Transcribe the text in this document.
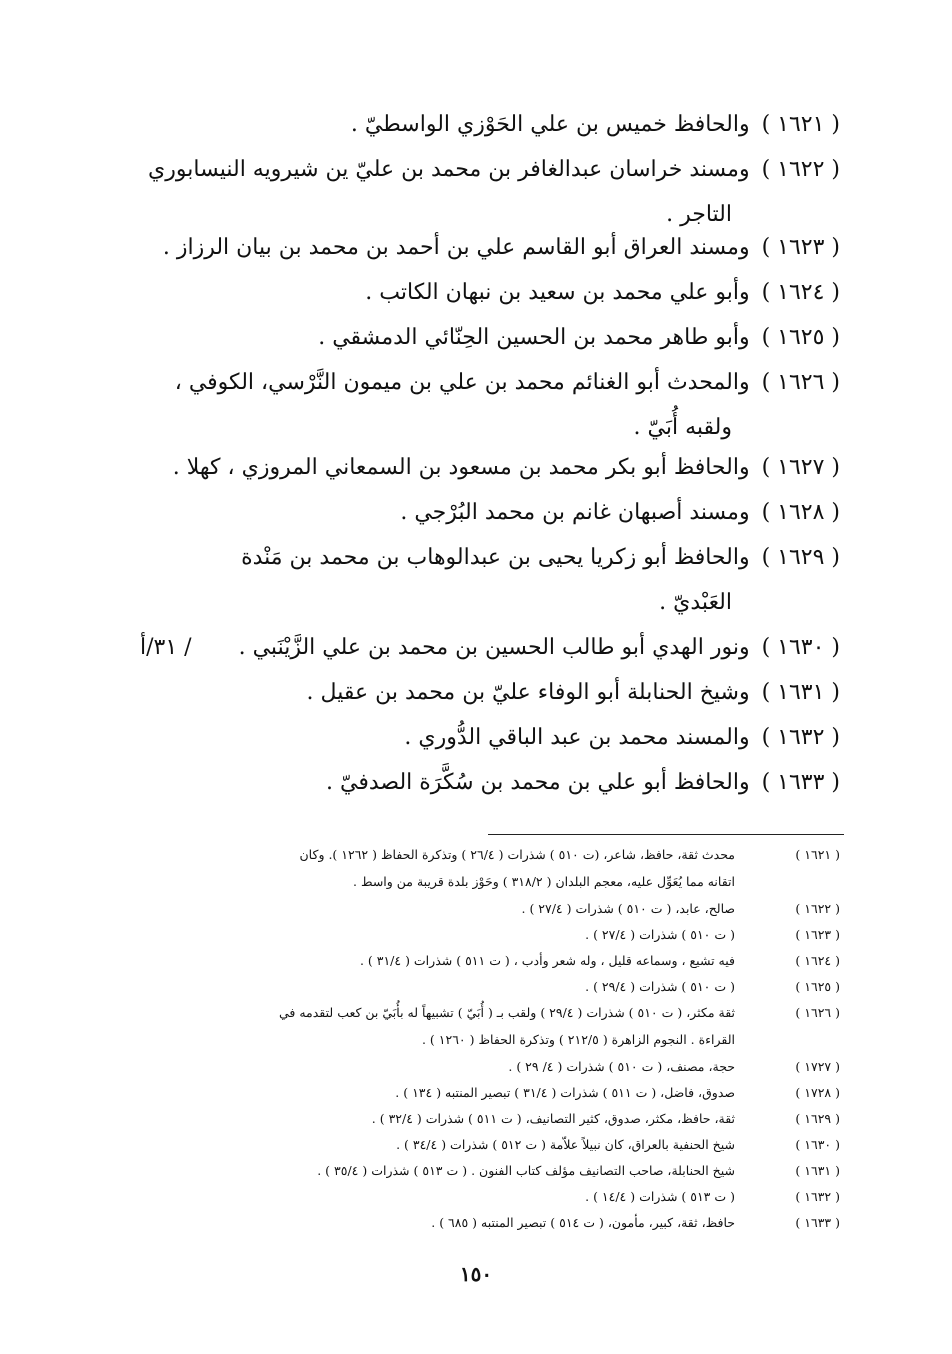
( ١٦٢١ )والحافظ خميس بن علي الحَوْزي الواسطيّ .
( ١٦٢٢ )ومسند خراسان عبدالغافر بن محمد بن عليّ ين شيرويه النيسابوري
التاجر .
( ١٦٢٣ )ومسند العراق أبو القاسم علي بن أحمد بن محمد بن بيان الرزاز .
( ١٦٢٤ )وأبو علي محمد بن سعيد بن نبهان الكاتب .
( ١٦٢٥ )وأبو طاهر محمد بن الحسين الحِنّائي الدمشقي .
( ١٦٢٦ )والمحدث أبو الغنائم محمد بن علي بن ميمون النَّرْسي، الكوفي ،
ولقبه أُبَيّ .
( ١٦٢٧ )والحافظ أبو بكر محمد بن مسعود بن السمعاني المروزي ، كهلا .
( ١٦٢٨ )ومسند أصبهان غانم بن محمد البُرْجي .
( ١٦٢٩ )والحافظ أبو زكريا يحيى بن عبدالوهاب بن محمد بن مَنْدة
العَبْديّ .
( ١٦٣٠ )ونور الهدي أبو طالب الحسين بن محمد بن علي الزَّيْنَبي .
/ ٣١/أ
( ١٦٣١ )وشيخ الحنابلة أبو الوفاء عليّ بن محمد بن عقيل .
( ١٦٣٢ )والمسند محمد بن عبد الباقي الدُّوري .
( ١٦٣٣ )والحافظ أبو علي بن محمد بن سُكَّرَة الصدفيّ .
( ١٦٢١ )
محدث ثقة، حافظ، شاعر، (ت ٥١٠ ) شذرات ( ٢٦/٤ ) وتذكرة الحفاظ ( ١٢٦٢ ). وكان
اتقانه مما يُعَوِّل عليه، معجم البلدان ( ٣١٨/٢ ) وحَوْز بلدة قريبة من واسط .
( ١٦٢٢ )
صالح، عابد، ( ت ٥١٠ ) شذرات ( ٢٧/٤ ) .
( ١٦٢٣ )
( ت ٥١٠ ) شذرات ( ٢٧/٤ ) .
( ١٦٢٤ )
فيه تشيع ، وسماعه قليل ، وله شعر وأدب ، ( ت ٥١١ ) شذرات ( ٣١/٤ ) .
( ١٦٢٥ )
( ت ٥١٠ ) شذرات ( ٢٩/٤ ) .
( ١٦٢٦ )
ثقة مكثر، ( ت ٥١٠ ) شذرات ( ٢٩/٤ ) ولقب بـ ( أُبَيّ ) تشبيهاً له بأُبَيّ بن كعب لتقدمه في
القراءة . النجوم الزاهرة ( ٢١٢/٥ ) وتذكرة الحفاظ ( ١٢٦٠ ) .
( ١٧٢٧ )
حجة، مصنف، ( ت ٥١٠ ) شذرات ( ٤/ ٢٩ ) .
( ١٧٢٨ )
صدوق، فاضل، ( ت ٥١١ ) شذرات ( ٣١/٤ ) تبصير المنتبه ( ١٣٤ ) .
( ١٦٢٩ )
ثقة، حافظ، مكثر، صدوق، كثير التصانيف، ( ت ٥١١ ) شذرات ( ٣٢/٤ ) .
( ١٦٣٠ )
شيخ الحنفية بالعراق، كان نبيلاً علاّمة ( ت ٥١٢ ) شذرات ( ٣٤/٤ ) .
( ١٦٣١ )
شيخ الحنابلة، صاحب التصانيف مؤلف كتاب الفنون . ( ت ٥١٣ ) شذرات ( ٣٥/٤ ) .
( ١٦٣٢ )
( ت ٥١٣ ) شذرات ( ١٤/٤ ) .
( ١٦٣٣ )
حافظ، ثقة، كبير، مأمون، ( ت ٥١٤ ) تبصير المنتبه ( ٦٨٥ ) .
١٥٠
